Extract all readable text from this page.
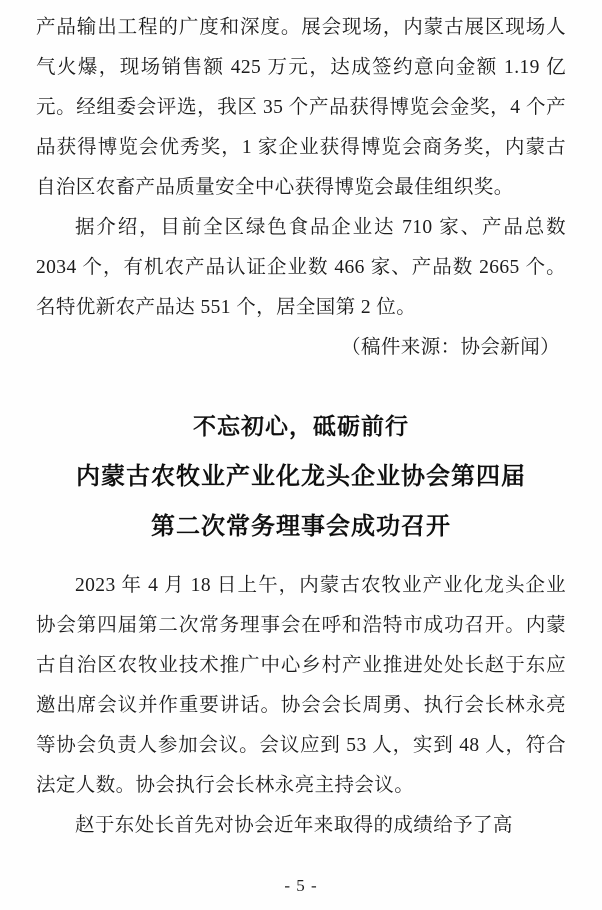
产品输出工程的广度和深度。展会现场，内蒙古展区现场人气火爆，现场销售额 425 万元，达成签约意向金额 1.19 亿元。经组委会评选，我区 35 个产品获得博览会金奖，4 个产品获得博览会优秀奖，1 家企业获得博览会商务奖，内蒙古自治区农畜产品质量安全中心获得博览会最佳组织奖。

据介绍，目前全区绿色食品企业达 710 家、产品总数 2034 个，有机农产品认证企业数 466 家、产品数 2665 个。名特优新农产品达 551 个，居全国第 2 位。

（稿件来源：协会新闻）

不忘初心，砥砺前行
内蒙古农牧业产业化龙头企业协会第四届
第二次常务理事会成功召开

2023 年 4 月 18 日上午，内蒙古农牧业产业化龙头企业协会第四届第二次常务理事会在呼和浩特市成功召开。内蒙古自治区农牧业技术推广中心乡村产业推进处处长赵于东应邀出席会议并作重要讲话。协会会长周勇、执行会长林永亮等协会负责人参加会议。会议应到 53 人，实到 48 人，符合法定人数。协会执行会长林永亮主持会议。

赵于东处长首先对协会近年来取得的成绩给予了高

- 5 -
